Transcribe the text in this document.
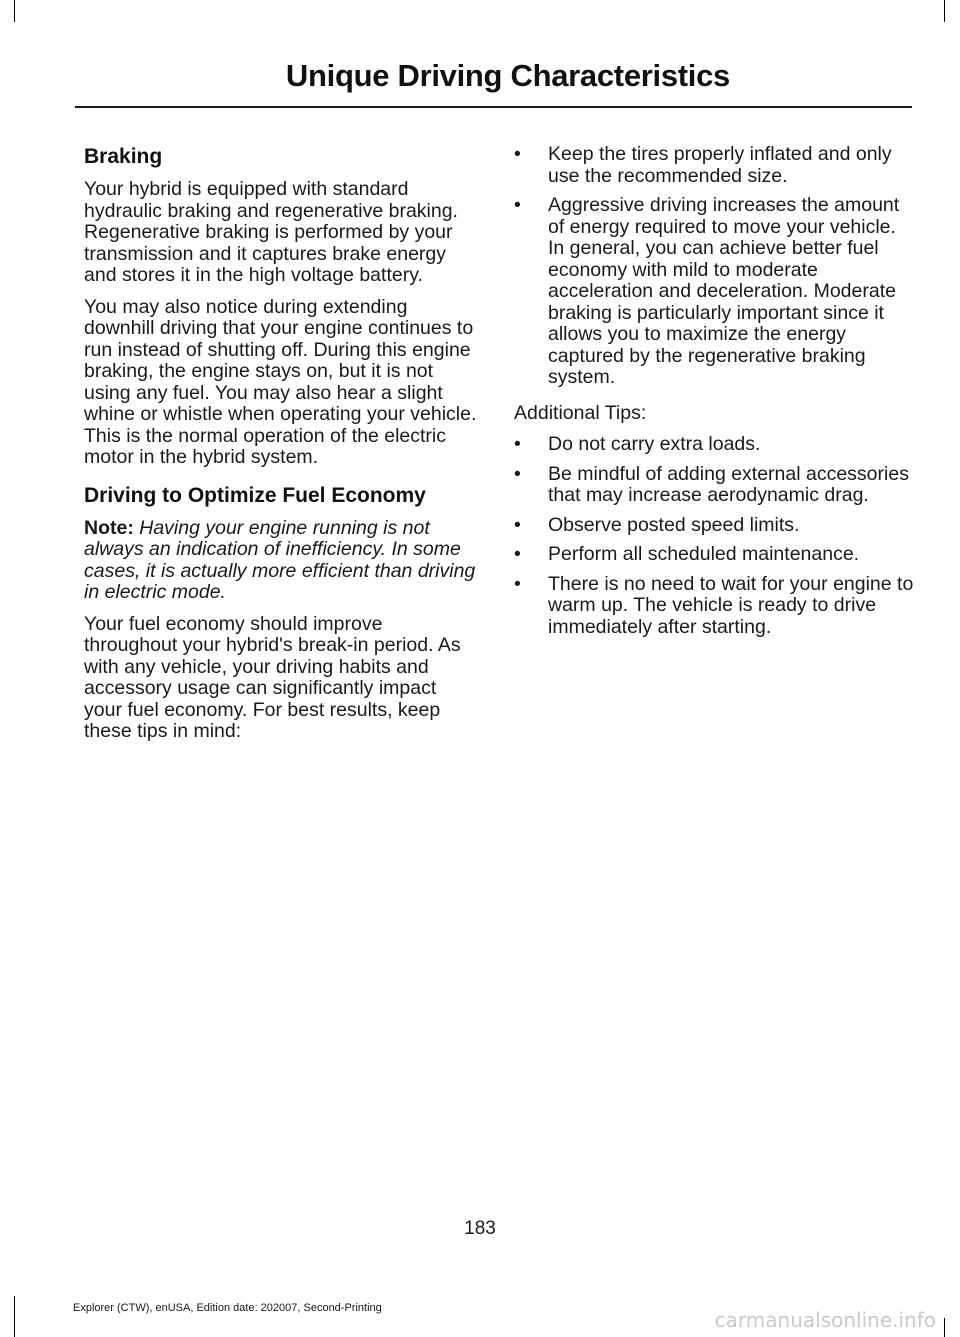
Unique Driving Characteristics
Braking

Your hybrid is equipped with standard hydraulic braking and regenerative braking. Regenerative braking is performed by your transmission and it captures brake energy and stores it in the high voltage battery.

You may also notice during extending downhill driving that your engine continues to run instead of shutting off. During this engine braking, the engine stays on, but it is not using any fuel. You may also hear a slight whine or whistle when operating your vehicle. This is the normal operation of the electric motor in the hybrid system.

Driving to Optimize Fuel Economy

Note: Having your engine running is not always an indication of inefficiency. In some cases, it is actually more efficient than driving in electric mode.

Your fuel economy should improve throughout your hybrid's break-in period. As with any vehicle, your driving habits and accessory usage can significantly impact your fuel economy. For best results, keep these tips in mind:

• Keep the tires properly inflated and only use the recommended size.
• Aggressive driving increases the amount of energy required to move your vehicle. In general, you can achieve better fuel economy with mild to moderate acceleration and deceleration. Moderate braking is particularly important since it allows you to maximize the energy captured by the regenerative braking system.

Additional Tips:

• Do not carry extra loads.
• Be mindful of adding external accessories that may increase aerodynamic drag.
• Observe posted speed limits.
• Perform all scheduled maintenance.
• There is no need to wait for your engine to warm up. The vehicle is ready to drive immediately after starting.
183
Explorer (CTW), enUSA, Edition date: 202007, Second-Printing	carmanualsonline.info
